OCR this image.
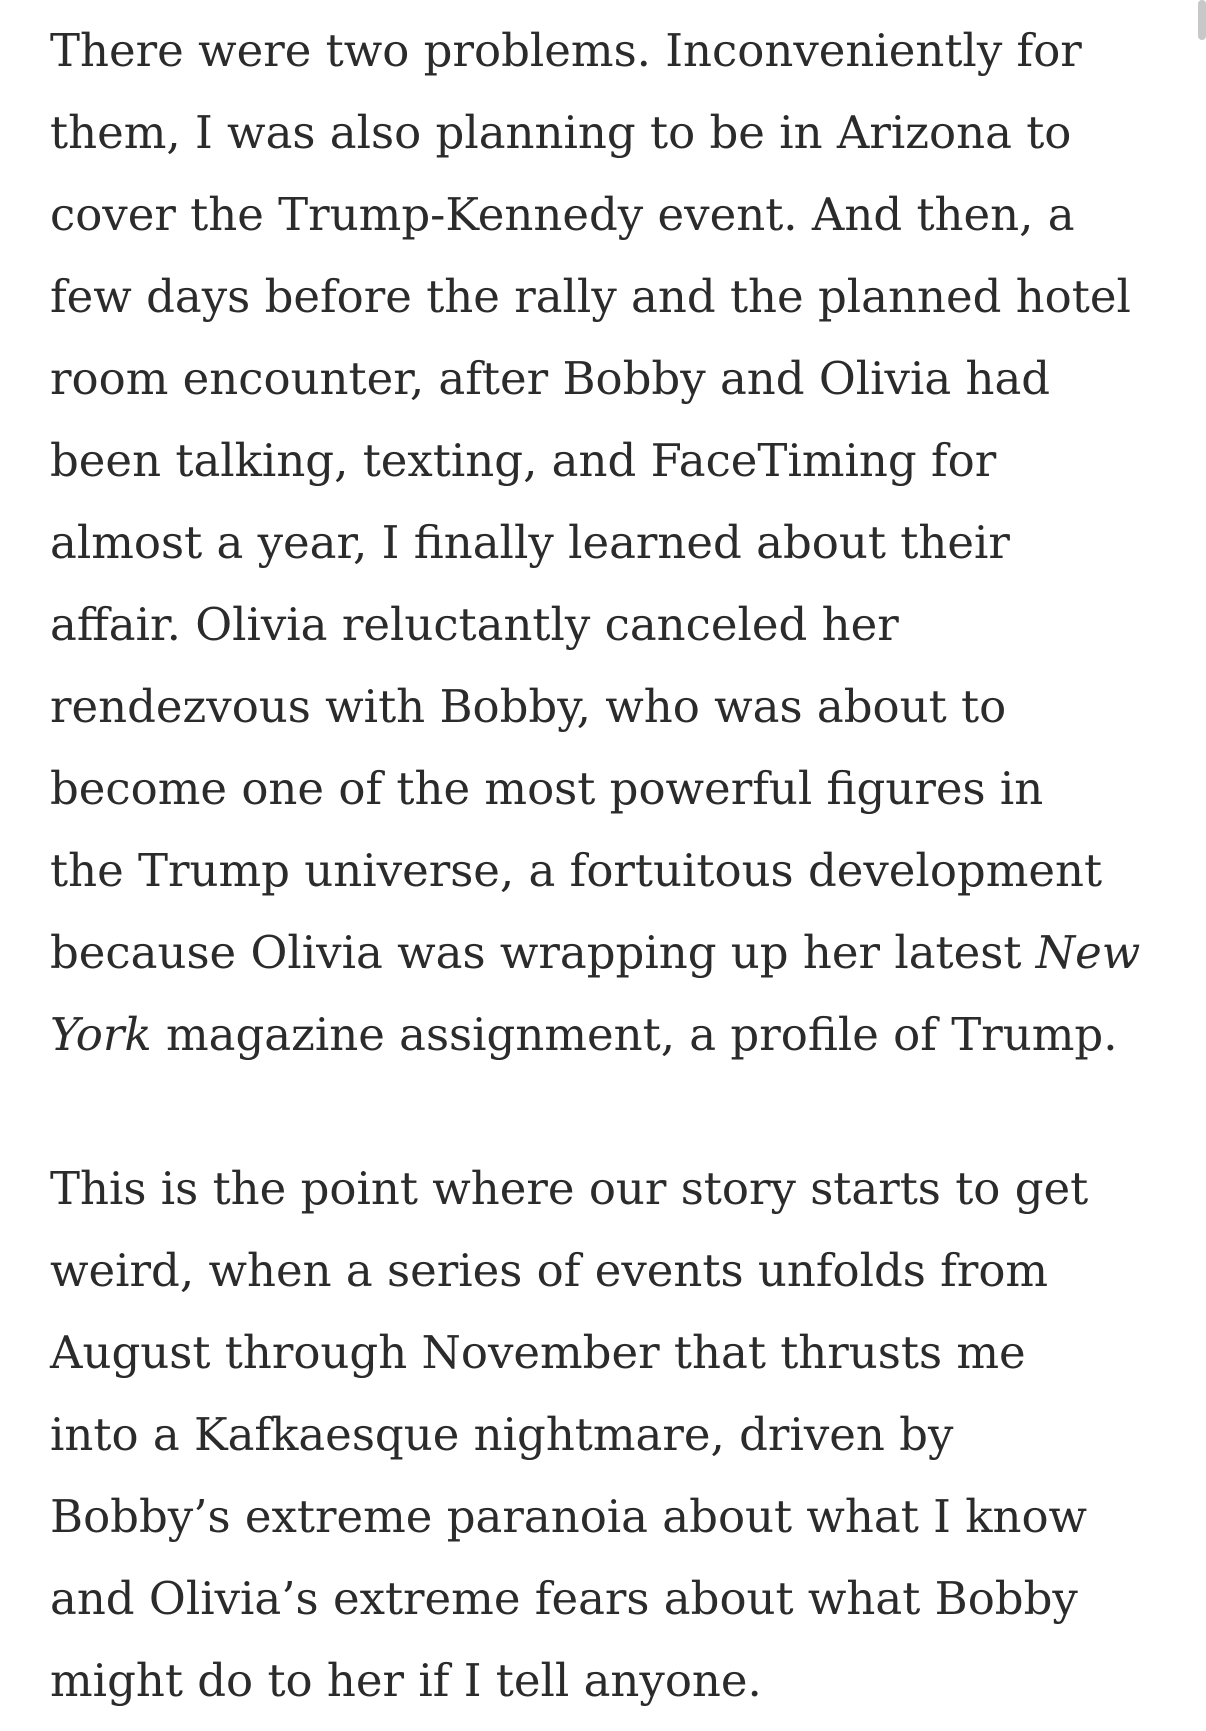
There were two problems. Inconveniently for
them, I was also planning to be in Arizona to
cover the Trump-Kennedy event. And then, a
few days before the rally and the planned hotel
room encounter, after Bobby and Olivia had
been talking, texting, and FaceTiming for
almost a year, I finally learned about their
affair. Olivia reluctantly canceled her
rendezvous with Bobby, who was about to
become one of the most powerful figures in
the Trump universe, a fortuitous development
because Olivia was wrapping up her latest New
York magazine assignment, a profile of Trump.

This is the point where our story starts to get
weird, when a series of events unfolds from
August through November that thrusts me
into a Kafkaesque nightmare, driven by
Bobby’s extreme paranoia about what I know
and Olivia’s extreme fears about what Bobby
might do to her if I tell anyone.
